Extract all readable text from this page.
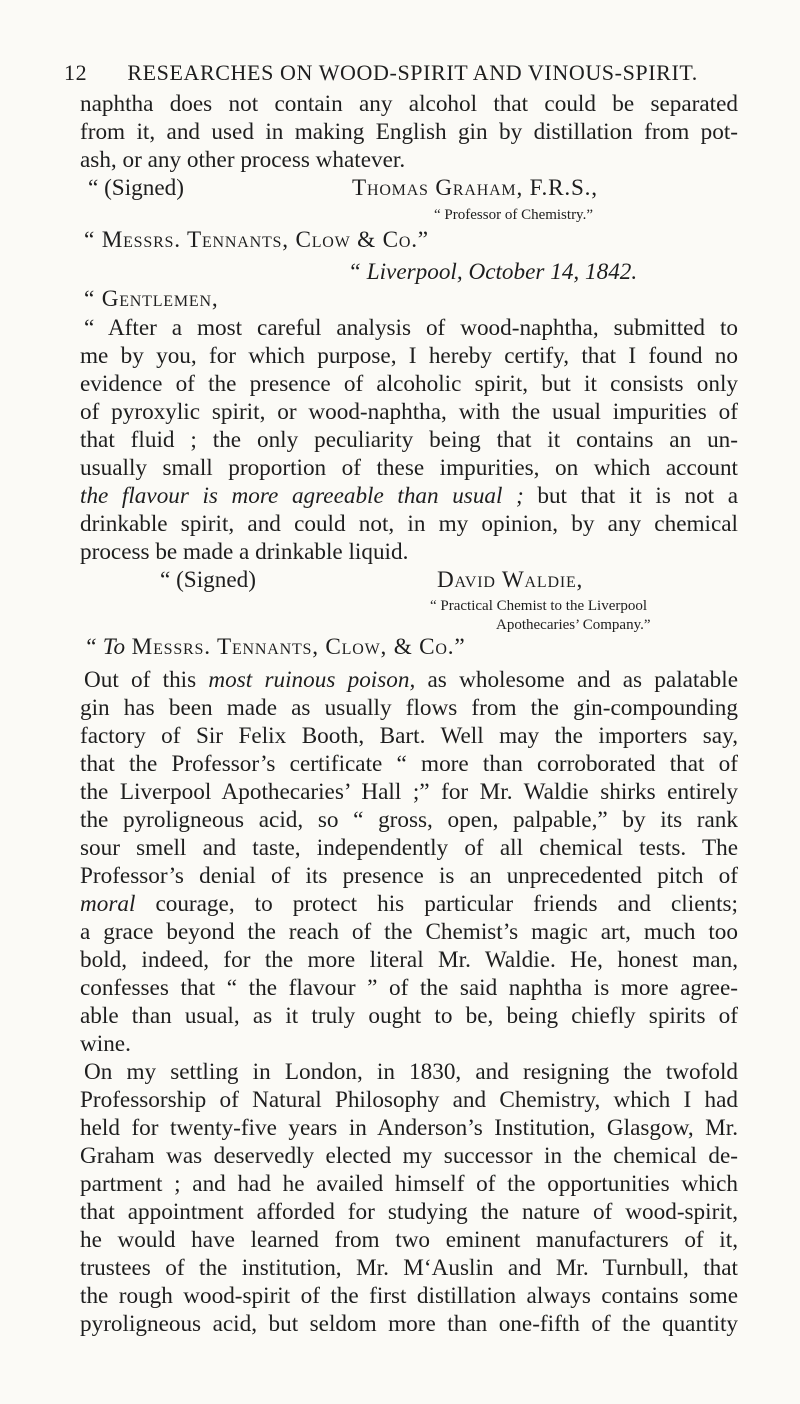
12	RESEARCHES ON WOOD-SPIRIT AND VINOUS-SPIRIT.
naphtha does not contain any alcohol that could be separated
from it, and used in making English gin by distillation from pot-
ash, or any other process whatever.
“ (Signed)	Thomas Graham, F.R.S.,
“ Professor of Chemistry.”
“ Messrs. Tennants, Clow & Co.”
“ Liverpool, October 14, 1842.
“ Gentlemen,
“ After a most careful analysis of wood-naphtha, submitted to
me by you, for which purpose, I hereby certify, that I found no
evidence of the presence of alcoholic spirit, but it consists only
of pyroxylic spirit, or wood-naphtha, with the usual impurities of
that fluid ; the only peculiarity being that it contains an un-
usually small proportion of these impurities, on which account
the flavour is more agreeable than usual ; but that it is not a
drinkable spirit, and could not, in my opinion, by any chemical
process be made a drinkable liquid.
“ (Signed)	David Waldie,
“ Practical Chemist to the Liverpool
Apothecaries’ Company.”
“ To Messrs. Tennants, Clow, & Co.”
Out of this most ruinous poison, as wholesome and as palatable
gin has been made as usually flows from the gin-compounding
factory of Sir Felix Booth, Bart. Well may the importers say,
that the Professor’s certificate “ more than corroborated that of
the Liverpool Apothecaries’ Hall ;” for Mr. Waldie shirks entirely
the pyroligneous acid, so “ gross, open, palpable,” by its rank
sour smell and taste, independently of all chemical tests. The
Professor’s denial of its presence is an unprecedented pitch of
moral courage, to protect his particular friends and clients;
a grace beyond the reach of the Chemist’s magic art, much too
bold, indeed, for the more literal Mr. Waldie. He, honest man,
confesses that “ the flavour ” of the said naphtha is more agree-
able than usual, as it truly ought to be, being chiefly spirits of
wine.
On my settling in London, in 1830, and resigning the twofold
Professorship of Natural Philosophy and Chemistry, which I had
held for twenty-five years in Anderson’s Institution, Glasgow, Mr.
Graham was deservedly elected my successor in the chemical de-
partment ; and had he availed himself of the opportunities which
that appointment afforded for studying the nature of wood-spirit,
he would have learned from two eminent manufacturers of it,
trustees of the institution, Mr. M‘Auslin and Mr. Turnbull, that
the rough wood-spirit of the first distillation always contains some
pyroligneous acid, but seldom more than one-fifth of the quantity
